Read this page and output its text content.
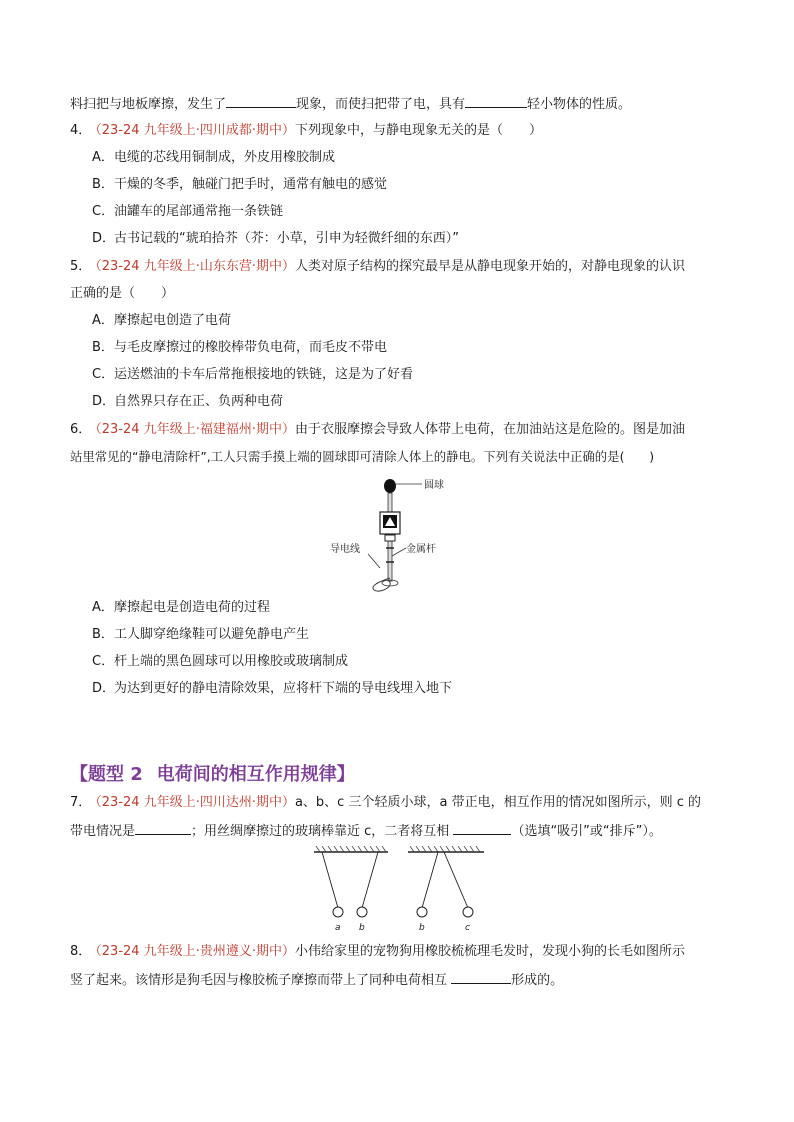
料扫把与地板摩擦，发生了	现象，而使扫把带了电，具有	轻小物体的性质。
4． （23-24 九年级上·四川成都·期中）下列现象中，与静电现象无关的是（　　）
A．电缆的芯线用铜制成，外皮用橡胶制成
B．干燥的冬季，触碰门把手时，通常有触电的感觉
C．油罐车的尾部通常拖一条铁链
D．古书记载的“琥珀拾芥（芥：小草，引申为轻微纤细的东西）”
5． （23-24 九年级上·山东东营·期中）人类对原子结构的探究最早是从静电现象开始的，对静电现象的认识
正确的是（　　）
A．摩擦起电创造了电荷
B．与毛皮摩擦过的橡胶棒带负电荷，而毛皮不带电
C．运送燃油的卡车后常拖根接地的铁链，这是为了好看
D．自然界只存在正、负两种电荷
6． （23-24 九年级上·福建福州·期中）由于衣服摩擦会导致人体带上电荷，在加油站这是危险的。图是加油
站里常见的“静电清除杆”,工人只需手摸上端的圆球即可清除人体上的静电。下列有关说法中正确的是(　　)
圆球
金属杆
导电线
A．摩擦起电是创造电荷的过程
B．工人脚穿绝缘鞋可以避免静电产生
C．杆上端的黑色圆球可以用橡胶或玻璃制成
D．为达到更好的静电清除效果，应将杆下端的导电线埋入地下
【题型 2 电荷间的相互作用规律】
7． （23-24 九年级上·四川达州·期中）a、b、c 三个轻质小球，a 带正电，相互作用的情况如图所示，则 c 的
带电情况是	；用丝绸摩擦过的玻璃棒靠近 c，二者将互相	（选填“吸引”或“排斥”）。
a b	b	c
8． （23-24 九年级上·贵州遵义·期中）小伟给家里的宠物狗用橡胶梳梳理毛发时，发现小狗的长毛如图所示
竖了起来。该情形是狗毛因与橡胶梳子摩擦而带上了同种电荷相互	形成的。
